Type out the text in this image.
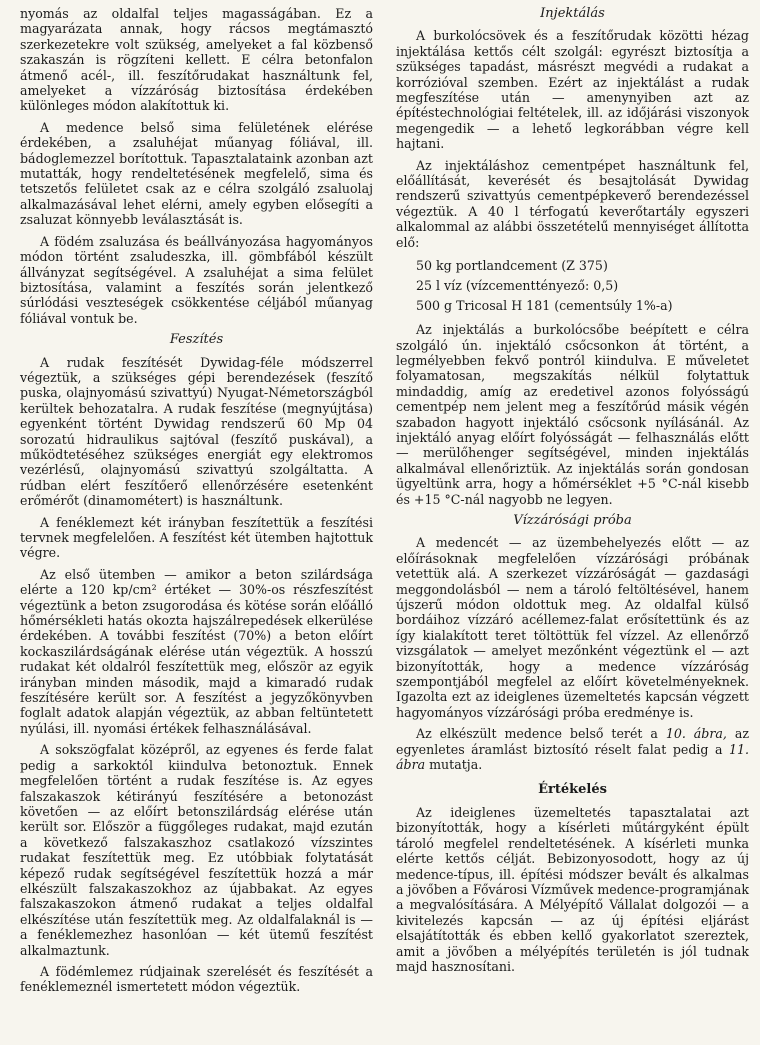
nyomás az oldalfal teljes magasságában. Ez a magyarázata annak, hogy rácsos megtámasztó szerkezetekre volt szükség, amelyeket a fal közbenső szakaszán is rögzíteni kellett. E célra betonfalon átmenő acél-, ill. feszítőrudakat használtunk fel, amelyeket a vízzáróság biztosítása érdekében különleges módon alakítottuk ki.

A medence belső sima felületének elérése érdekében, a zsaluhéjat műanyag fóliával, ill. bádoglemezzel borítottuk. Tapasztalataink azonban azt mutatták, hogy rendeltetésének megfelelő, sima és tetszetős felületet csak az e célra szolgáló zsaluolaj alkalmazásával lehet elérni, amely egyben elősegíti a zsaluzat könnyebb leválasztását is.

A födém zsaluzása és beállványozása hagyományos módon történt zsaludeszka, ill. gömbfából készült állványzat segítségével. A zsaluhéjat a sima felület biztosítása, valamint a feszítés során jelentkező súrlódási veszteségek csökkentése céljából műanyag fóliával vontuk be.

Feszítés

A rudak feszítését Dywidag-féle módszerrel végeztük, a szükséges gépi berendezések (feszítő puska, olajnyomású szivattyú) Nyugat-Németországból kerültek behozatalra. A rudak feszítése (megnyújtása) egyenként történt Dywidag rendszerű 60 Mp 04 sorozatú hidraulikus sajtóval (feszítő puskával), a működtetéséhez szükséges energiát egy elektromos vezérlésű, olajnyomású szivattyú szolgáltatta. A rúdban elért feszítőerő ellenőrzésére esetenként erőmérőt (dinamométert) is használtunk.

A fenéklemezt két irányban feszítettük a feszítési tervnek megfelelően. A feszítést két ütemben hajtottuk végre.

Az első ütemben — amikor a beton szilárdsága elérte a 120 kp/cm² értéket — 30%-os részfeszítést végeztünk a beton zsugorodása és kötése során előálló hőmérsékleti hatás okozta hajszálrepedések elkerülése érdekében. A további feszítést (70%) a beton előírt kockaszilárdságának elérése után végeztük. A hosszú rudakat két oldalról feszítettük meg, először az egyik irányban minden második, majd a kimaradó rudak feszítésére került sor. A feszítést a jegyzőkönyvben foglalt adatok alapján végeztük, az abban feltüntetett nyúlási, ill. nyomási értékek felhasználásával.

A sokszögfalat középről, az egyenes és ferde falat pedig a sarkoktól kiindulva betonoztuk. Ennek megfelelően történt a rudak feszítése is. Az egyes falszakaszok kétirányú feszítésére a betonozást követően — az előírt betonszilárdság elérése után került sor. Először a függőleges rudakat, majd ezután a következő falszakaszhoz csatlakozó vízszintes rudakat feszítettük meg. Ez utóbbiak folytatását képező rudak segítségével feszítettük hozzá a már elkészült falszakaszokhoz az újabbakat. Az egyes falszakaszokon átmenő rudakat a teljes oldalfal elkészítése után feszítettük meg. Az oldalfalaknál is — a fenéklemezhez hasonlóan — két ütemű feszítést alkalmaztunk.

A födémlemez rúdjainak szerelését és feszítését a fenéklemeznél ismertetett módon végeztük.

Injektálás

A burkolócsövek és a feszítőrudak közötti hézag injektálása kettős célt szolgál: egyrészt biztosítja a szükséges tapadást, másrészt megvédi a rudakat a korrózióval szemben. Ezért az injektálást a rudak megfeszítése után — amenynyiben azt az építéstechnológiai feltételek, ill. az időjárási viszonyok megengedik — a lehető legkorábban végre kell hajtani.

Az injektáláshoz cementpépet használtunk fel, előállítását, keverését és besajtolását Dywidag rendszerű szivattyús cementpépkeverő berendezéssel végeztük. A 40 l térfogatú keverőtartály egyszeri alkalommal az alábbi összetételű mennyiséget állította elő:

50 kg portlandcement (Z 375)
25 l víz (vízcementtényező: 0,5)
500 g Tricosal H 181 (cementsúly 1%-a)

Az injektálás a burkolócsőbe beépített e célra szolgáló ún. injektáló csőcsonkon át történt, a legmélyebben fekvő pontról kiindulva. E műveletet folyamatosan, megszakítás nélkül folytattuk mindaddig, amíg az eredetivel azonos folyósságú cementpép nem jelent meg a feszítőrúd másik végén szabadon hagyott injektáló csőcsonk nyílásánál. Az injektáló anyag előírt folyósságát — felhasználás előtt — merülőhenger segítségével, minden injektálás alkalmával ellenőriztük. Az injektálás során gondosan ügyeltünk arra, hogy a hőmérséklet +5 °C-nál kisebb és +15 °C-nál nagyobb ne legyen.

Vízzárósági próba

A medencét — az üzembehelyezés előtt — az előírásoknak megfelelően vízzárósági próbának vetettük alá. A szerkezet vízzáróságát — gazdasági meggondolásból — nem a tároló feltöltésével, hanem újszerű módon oldottuk meg. Az oldalfal külső bordáihoz vízzáró acéllemez-falat erősítettünk és az így kialakított teret töltöttük fel vízzel. Az ellenőrző vizsgálatok — amelyet mezőnként végeztünk el — azt bizonyították, hogy a medence vízzáróság szempontjából megfelel az előírt követelményeknek. Igazolta ezt az ideiglenes üzemeltetés kapcsán végzett hagyományos vízzárósági próba eredménye is.

Az elkészült medence belső terét a 10. ábra, az egyenletes áramlást biztosító réselt falat pedig a 11. ábra mutatja.

Értékelés

Az ideiglenes üzemeltetés tapasztalatai azt bizonyították, hogy a kísérleti műtárgyként épült tároló megfelel rendeltetésének. A kísérleti munka elérte kettős célját. Bebizonyosodott, hogy az új medence-típus, ill. építési módszer bevált és alkalmas a jövőben a Fővárosi Vízművek medence-programjának a megvalósítására. A Mélyépítő Vállalat dolgozói — a kivitelezés kapcsán — az új építési eljárást elsajátították és ebben kellő gyakorlatot szereztek, amit a jövőben a mélyépítés területén is jól tudnak majd hasznosítani.
